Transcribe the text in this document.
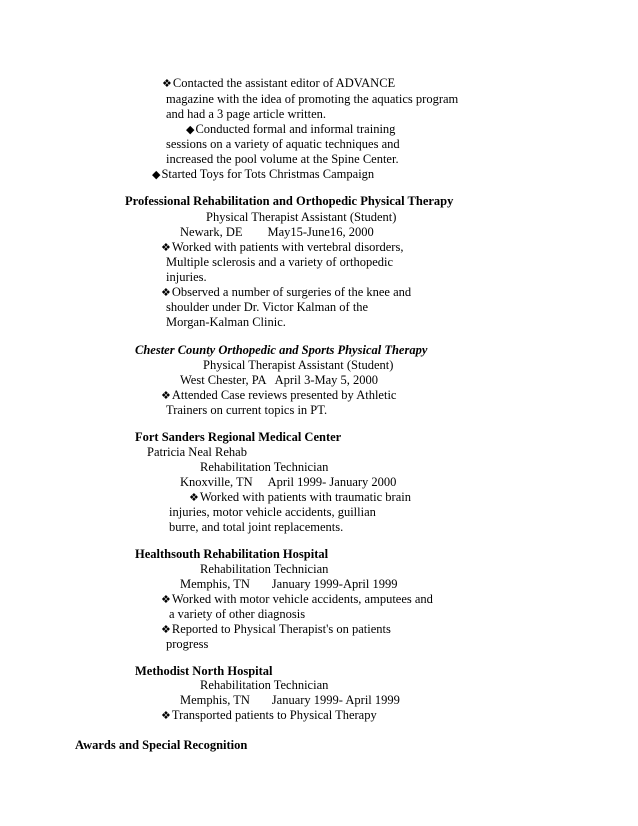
❖Contacted the assistant editor of ADVANCE
magazine with the idea of promoting the aquatics program
and had a 3 page article written.
◆Conducted formal and informal training
sessions on a variety of aquatic techniques and
increased the pool volume at the Spine Center.
◆Started Toys for Tots Christmas Campaign
Professional Rehabilitation and Orthopedic Physical Therapy
Physical Therapist Assistant (Student)
Newark, DE        May15-June16, 2000
❖Worked with patients with vertebral disorders,
Multiple sclerosis and a variety of orthopedic
injuries.
❖Observed a number of surgeries of the knee and
shoulder under Dr. Victor Kalman of the
Morgan-Kalman Clinic.
Chester County Orthopedic and Sports Physical Therapy
Physical Therapist Assistant (Student)
West Chester, PA   April 3-May 5, 2000
❖Attended Case reviews presented by Athletic
Trainers on current topics in PT.
Fort Sanders Regional Medical Center
Patricia Neal Rehab
Rehabilitation Technician
Knoxville, TN     April 1999- January 2000
❖Worked with patients with traumatic brain
injuries, motor vehicle accidents, guillian
burre, and total joint replacements.
Healthsouth Rehabilitation Hospital
Rehabilitation Technician
Memphis, TN       January 1999-April 1999
❖Worked with motor vehicle accidents, amputees and
a variety of other diagnosis
❖Reported to Physical Therapist's on patients
progress
Methodist North Hospital
Rehabilitation Technician
Memphis, TN       January 1999- April 1999
❖Transported patients to Physical Therapy
Awards and Special Recognition
